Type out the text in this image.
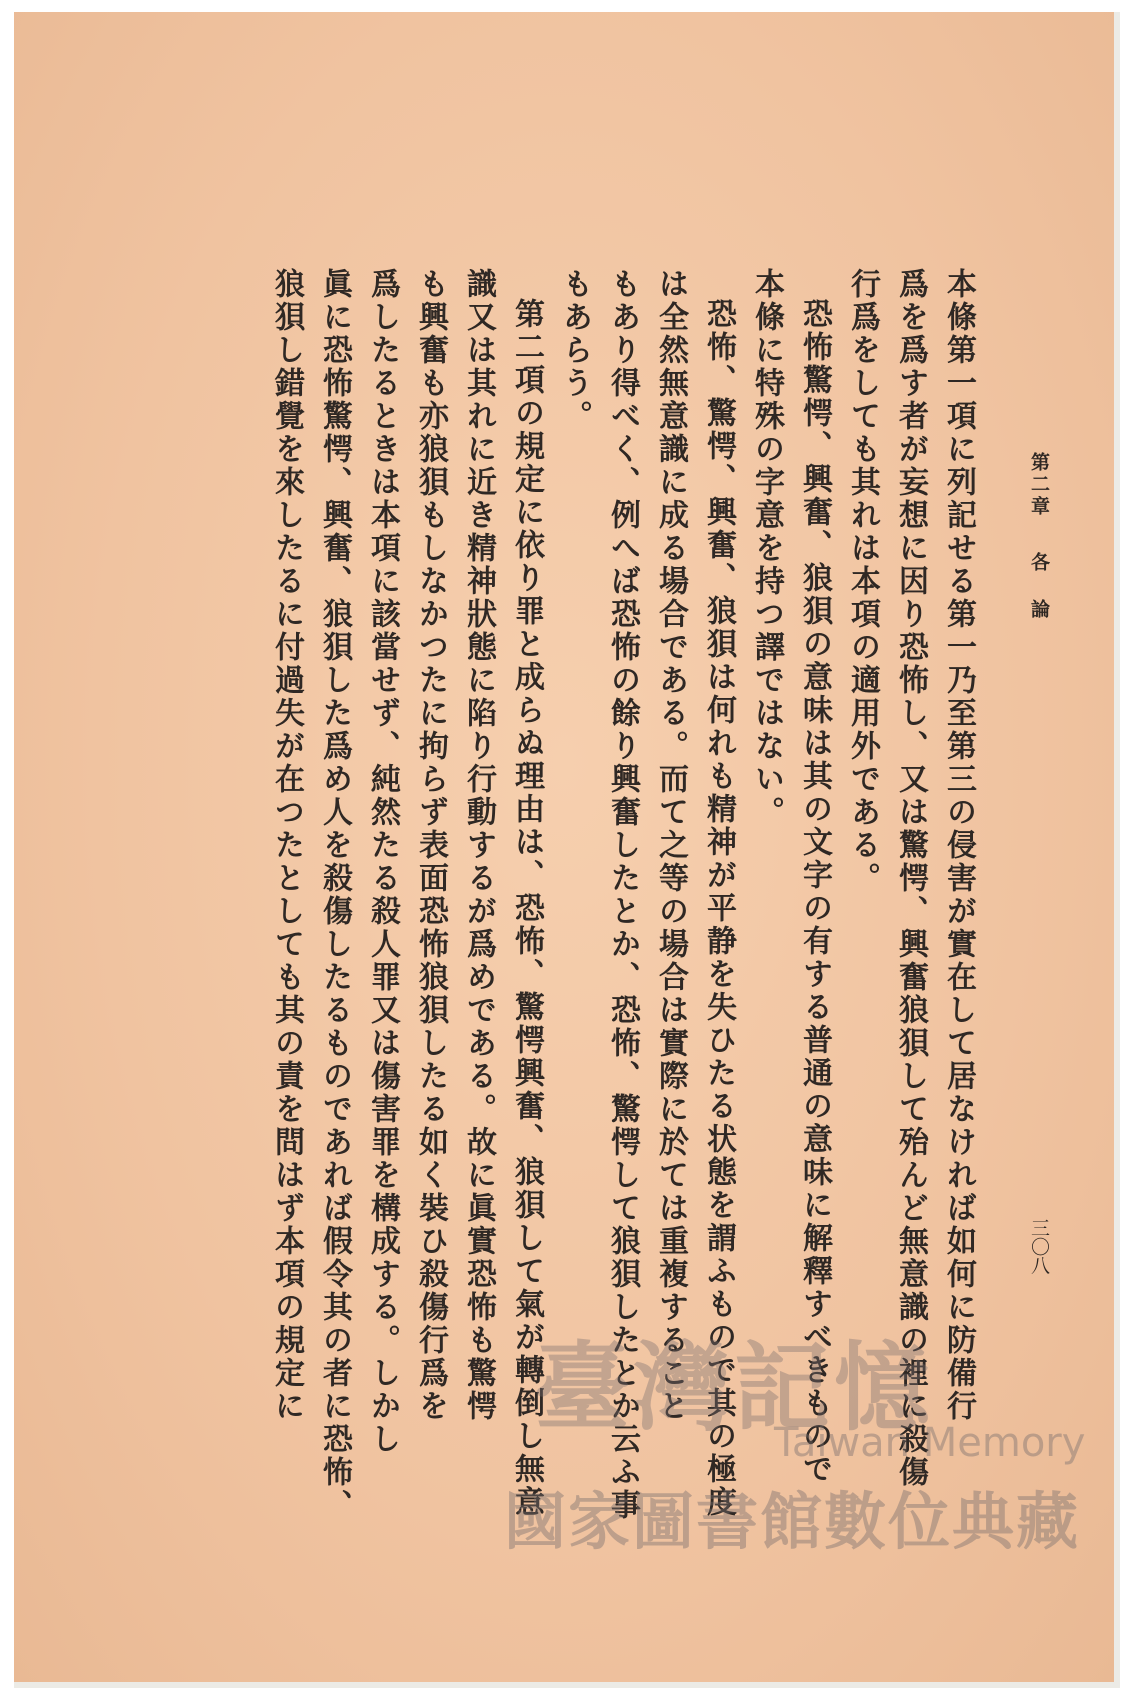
第二章
各論
三〇八

本條第一項に列記せる第一乃至第三の侵害が實在して居なければ如何に防備行

爲を爲す者が妄想に因り恐怖し、又は驚愕、興奮狼狽して殆んど無意識の裡に殺傷

行爲をしても其れは本項の適用外である。

恐怖驚愕、興奮、狼狽の意味は其の文字の有する普通の意味に解釋すべきもので

本條に特殊の字意を持つ譯ではない。

恐怖、驚愕、興奮、狼狽は何れも精神が平静を失ひたる状態を謂ふもので其の極度

は全然無意識に成る場合である。而て之等の場合は實際に於ては重複すること

もあり得べく、例へば恐怖の餘り興奮したとか、恐怖、驚愕して狼狽したとか云ふ事

もあらう。

第二項の規定に依り罪と成らぬ理由は、恐怖、驚愕興奮、狼狽して氣が轉倒し無意

識又は其れに近き精神狀態に陷り行動するが爲めである。故に眞實恐怖も驚愕

も興奮も亦狼狽もしなかつたに拘らず表面恐怖狼狽したる如く裝ひ殺傷行爲を

爲したるときは本項に該當せず、純然たる殺人罪又は傷害罪を構成する。しかし

眞に恐怖驚愕、興奮、狼狽した爲め人を殺傷したるものであれば假令其の者に恐怖、

狼狽し錯覺を來したるに付過失が在つたとしても其の責を問はず本項の規定に 臺灣記憶
Taiwan Memory
國家圖書館數位典藏
